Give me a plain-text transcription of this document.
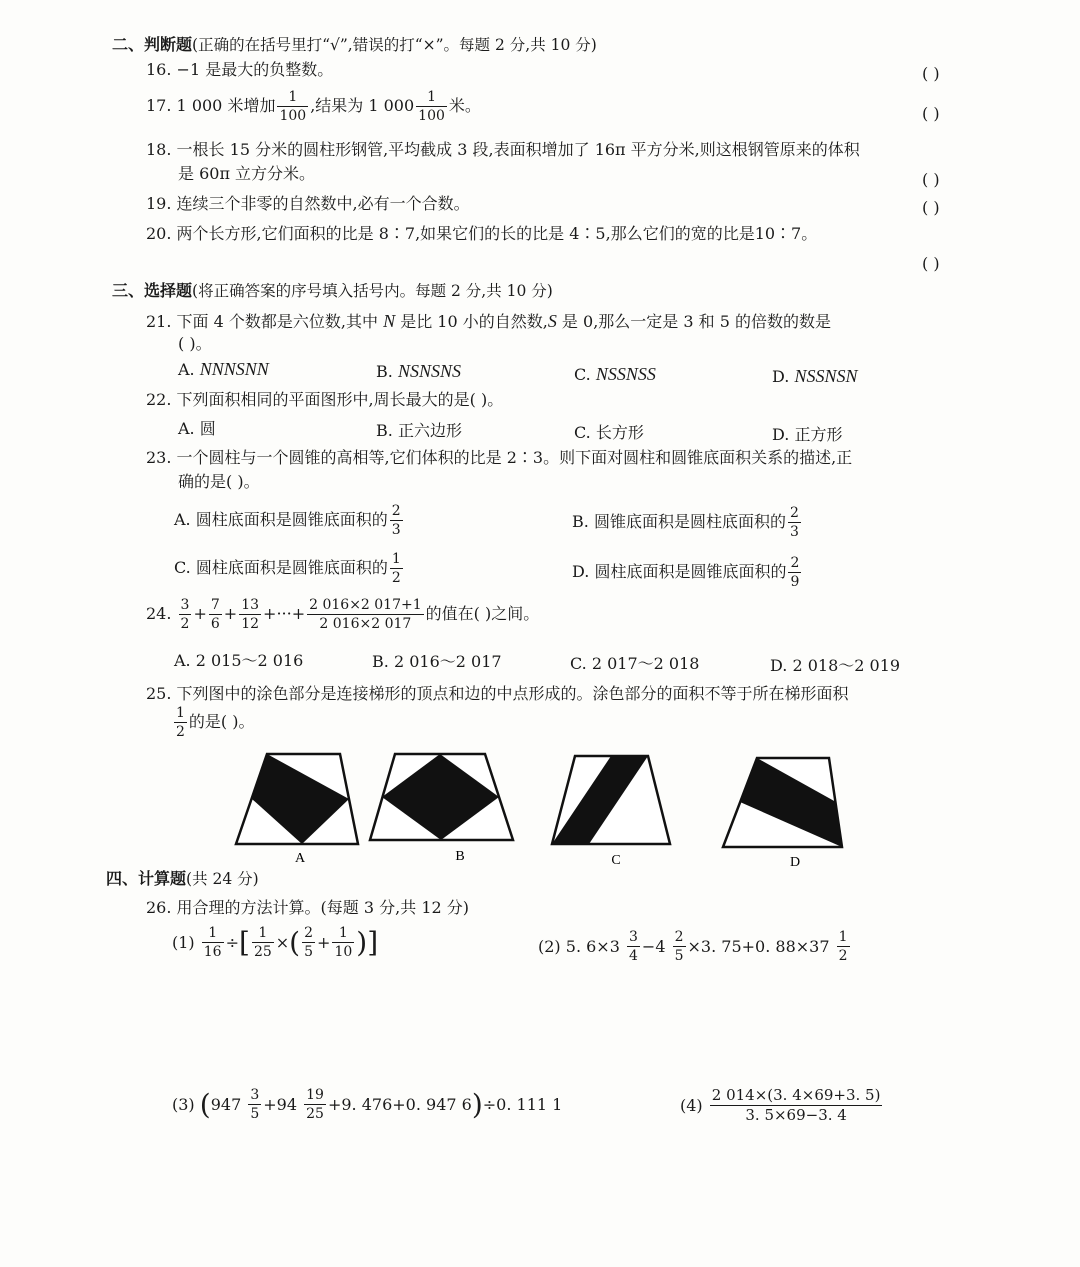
二、判断题(正确的在括号里打“√”,错误的打“×”。每题 2 分,共 10 分)
16. −1 是最大的负整数。	( )
17. 1 000 米增加 $\frac{1}{100}$ ,结果为 1 $000 \frac{1}{100}$ 米。	( )
18. 一根长 15 分米的圆柱形钢管,平均截成 3 段,表面积增加了 16π 平方分米,则这根钢管原来的体积
是 60π 立方分米。	( )
19. 连续三个非零的自然数中,必有一个合数。	( )
20. 两个长方形,它们面积的比是 8∶7,如果它们的长的比是 4∶5,那么它们的宽的比是10∶7。
( )
三、选择题(将正确答案的序号填入括号内。每题 2 分,共 10 分)
21. 下面 4 个数都是六位数,其中 N 是比 10 小的自然数,S 是 0,那么一定是 3 和 5 的倍数的数是
( )。
A. NNNSNN	B. NSNSNS	C. NSSNSS	D. NSSNSN
22. 下列面积相同的平面图形中,周长最大的是( )。
A. 圆	B. 正六边形	C. 长方形	D. 正方形
23. 一个圆柱与一个圆锥的高相等,它们体积的比是 2∶3。则下面对圆柱和圆锥底面积关系的描述,正
确的是( )。
A. 圆柱底面积是圆锥底面积的 $\frac{2}{3}$	B. 圆锥底面积是圆柱底面积的 $\frac{2}{3}$
C. 圆柱底面积是圆锥底面积的 $\frac{1}{2}$	D. 圆柱底面积是圆锥底面积的 $\frac{2}{9}$
24. $\frac{3}{2} + \frac{7}{6} + \frac{13}{12}$ +···+ $\frac{2 016\times 2 017+1}{2 016\times 2 017}$ 的值在( )之间。
A. 2 015～2 016	B. 2 016～2 017	C. 2 017～2 018	D. 2 018～2 019
25. 下列图中的涂色部分是连接梯形的顶点和边的中点形成的。涂色部分的面积不等于所在梯形面积
$\frac{1}{2}$ 的是( )。
A	B	C	D
四、计算题(共 24 分)
26. 用合理的方法计算。(每题 3 分,共 12 分)
(1)
$\frac{1}{16}$ ÷ [ $\frac{1}{25}$ × ( $\frac{2}{5} + \frac{1}{10}$ ) ]	(2)
5. 6×3
$\frac{3}{4} -4$
$\frac{2}{5} \times 3$. 75+0. 88×37
$\frac{1}{2}$
(3)
( 947
$\frac{3}{5} +94$
$\frac{19}{25} +9$. 476+0. 947 6 ) ÷0. 111 1	(4)
$\frac{2 014\times(3. 4\times 69+3. 5)}{3. 5\times 69-3. 4}$
